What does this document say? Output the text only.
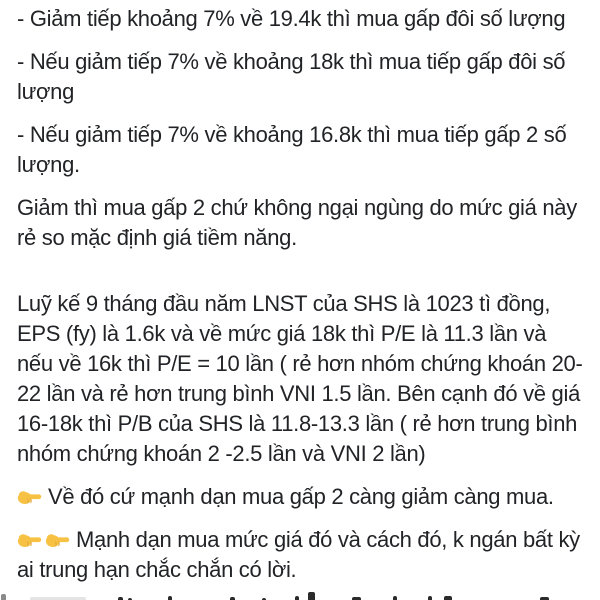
- Giảm tiếp khoảng 7% về 19.4k thì mua gấp đôi số lượng

- Nếu giảm tiếp 7% về khoảng 18k thì mua tiếp gấp đôi số lượng

- Nếu giảm tiếp 7% về khoảng 16.8k thì mua tiếp gấp 2 số lượng.

Giảm thì mua gấp 2 chứ không ngại ngùng do mức giá này rẻ so mặc định giá tiềm năng.

Luỹ kế 9 tháng đầu năm LNST của SHS là 1023 tì đồng, EPS (fy) là 1.6k và về mức giá 18k thì P/E là 11.3 lần và nếu về 16k thì P/E = 10 lần ( rẻ hơn nhóm chứng khoán 20-22 lần và rẻ hơn trung bình VNI 1.5 lần. Bên cạnh đó về giá 16-18k thì P/B của SHS là 11.8-13.3 lần ( rẻ hơn trung bình nhóm chứng khoán 2 -2.5 lần và VNI 2 lần)

Về đó cứ mạnh dạn mua gấp 2 càng giảm càng mua.

Mạnh dạn mua mức giá đó và cách đó, k ngán bất kỳ ai trung hạn chắc chắn có lời.
